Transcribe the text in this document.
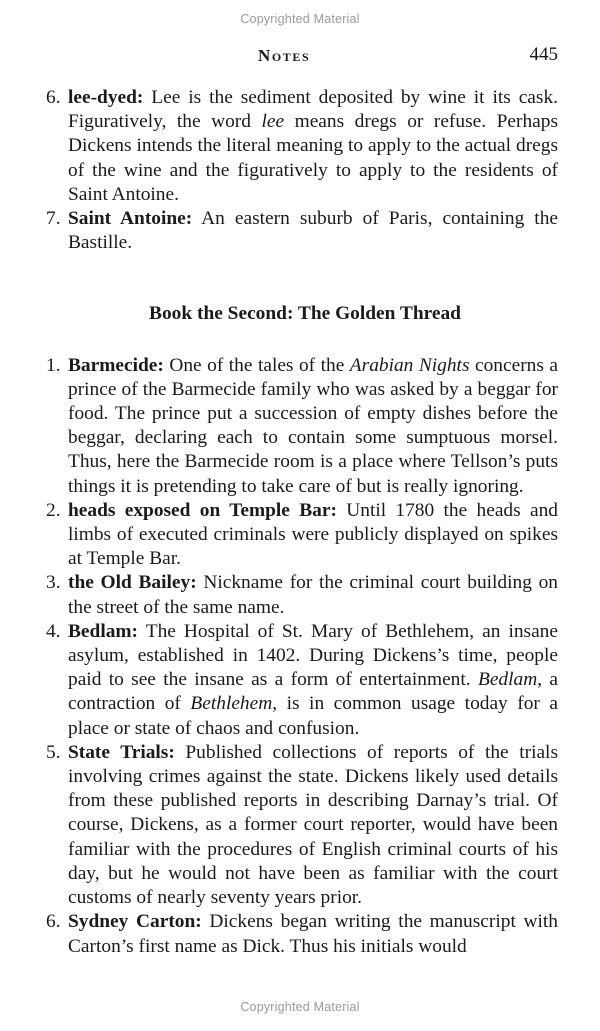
Copyrighted Material
Notes	445
6. lee-dyed: Lee is the sediment deposited by wine it its cask. Figuratively, the word lee means dregs or refuse. Perhaps Dickens intends the literal meaning to apply to the actual dregs of the wine and the figuratively to apply to the residents of Saint Antoine.
7. Saint Antoine: An eastern suburb of Paris, containing the Bastille.
Book the Second: The Golden Thread
1. Barmecide: One of the tales of the Arabian Nights concerns a prince of the Barmecide family who was asked by a beggar for food. The prince put a succession of empty dishes before the beggar, declaring each to contain some sumptuous morsel. Thus, here the Barmecide room is a place where Tellson’s puts things it is pretending to take care of but is really ignoring.
2. heads exposed on Temple Bar: Until 1780 the heads and limbs of executed criminals were publicly displayed on spikes at Temple Bar.
3. the Old Bailey: Nickname for the criminal court building on the street of the same name.
4. Bedlam: The Hospital of St. Mary of Bethlehem, an insane asylum, established in 1402. During Dickens’s time, people paid to see the insane as a form of entertainment. Bedlam, a contraction of Bethlehem, is in common usage today for a place or state of chaos and confusion.
5. State Trials: Published collections of reports of the trials involving crimes against the state. Dickens likely used details from these published reports in describing Darnay’s trial. Of course, Dickens, as a former court reporter, would have been familiar with the procedures of English criminal courts of his day, but he would not have been as familiar with the court customs of nearly seventy years prior.
6. Sydney Carton: Dickens began writing the manuscript with Carton’s first name as Dick. Thus his initials would
Copyrighted Material
